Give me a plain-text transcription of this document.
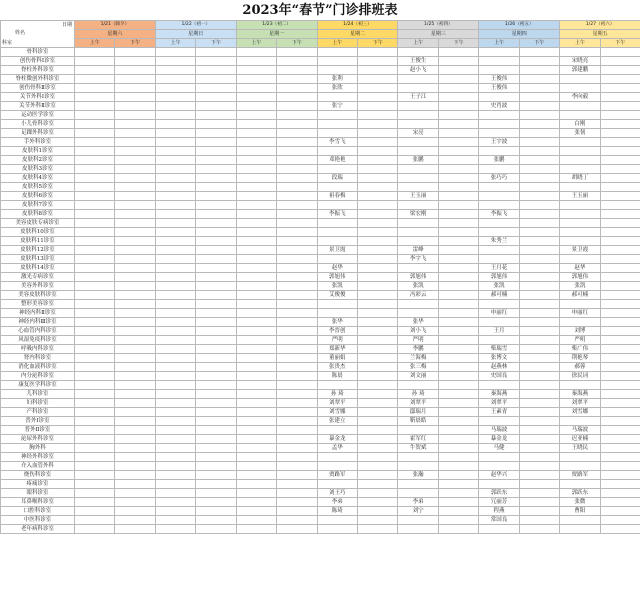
2023年“春节”门诊排班表
日期
姓名
科室	1/21（除夕）		1/22（初一）		1/23（初二）		1/24（初三）		1/25（初四）		1/26（初五）		1/27（初六）	
	星期六		星期日		星期一		星期二		星期三		星期四		星期五	
	上午	下午	上午	下午	上午	下午	上午	下午	上午	下午	上午	下午	上午	下午
骨科诊室														
创伤骨科Ⅰ诊室									王俊生				宋晓亮	
脊柱外科诊室									赵小飞				郭建鹏	
脊柱微创外科诊室							张利				王俊伟			
创伤骨科Ⅱ诊室							张欣				王俊伟			
关节外科Ⅰ诊室									王子江				李向毅	
关节外科Ⅱ诊室							张宁				史肖波			
运动医学诊室														
小儿骨科诊室													白刚	
足踝外科诊室									宋亮				张韧	
手外科诊室							李雪飞				王宇波			
皮肤科1诊室														
皮肤科2诊室							邓艳艳		张鹏		张鹏			
皮肤科3诊室														
皮肤科4诊室							段瑞				张巧巧		胡晓丁	
皮肤科5诊室														
皮肤科6诊室							祖春梅		王玉丽				王玉丽	
皮肤科7诊室														
皮肤科8诊室							李振飞		梁宏刚		李振飞			
美容皮肤专病诊室														
皮肤科10诊室														
皮肤科11诊室											朱秀兰			
皮肤科12诊室							景卫霞		雷峰				景卫霞	
皮肤科13诊室									李宇飞					
皮肤科14诊室							赵华				王月花		赵华	
激光专病诊室							郭旭伟		郭旭伟		郭旭伟		郭旭伟	
美容外科诊室							张凯		张凯		张凯		张凯	
美容皮肤科诊室							艾俊俊		冯彩云		郝可楠		郝可楠	
整形美容诊室														
神经内科Ⅱ诊室											申丽红		申丽红	
神经内科Ⅲ诊室							张华		张华					
心血管内科诊室							李晋创		刘小飞		王月		刘博	
风湿免疫科诊室							严明		严明				严明	
呼吸内科诊室							郑新华		李鹏		柴瑞雪		柴广伟	
肾内科诊室							董丽娟		兰海梅		张博文		荆艳琴	
消化血液科诊室							张贵杰		张三梅		赵燕林		郝蓉	
内分泌科诊室							陈晨		刘文丽		史国良		徐民词	
康复医学科诊室														
儿科诊室							孙 琦		孙 琦		秦海燕		秦海燕	
妇科诊室							刘翠平		刘翠平		刘翠平		刘翠平	
产科诊室							刘雪娜		邸瑞月		王素青		刘雪娜	
普外Ⅰ诊室							张建立		靳晨皓					
普外Ⅱ诊室											马瑞波		马瑞波	
泌尿外科诊室							暴金龙		霍军红		暴金龙		迟亚楠	
胸外科							孟华		牛贺斌		马健		王晓民	
神经外科诊室														
介入血管外科														
烧伤科诊室							贾路军		张瀚		赵华兴		贾路军	
疼痛诊室														
眼科诊室							刘王巧				郭跃东		郭跃东	
耳鼻喉科诊室							李弟		李弟		冗丽芳		张微	
口腔科诊室							陈琦		刘宁		程燕		曹阳	
中医科诊室											常国良			
老年病科诊室														
